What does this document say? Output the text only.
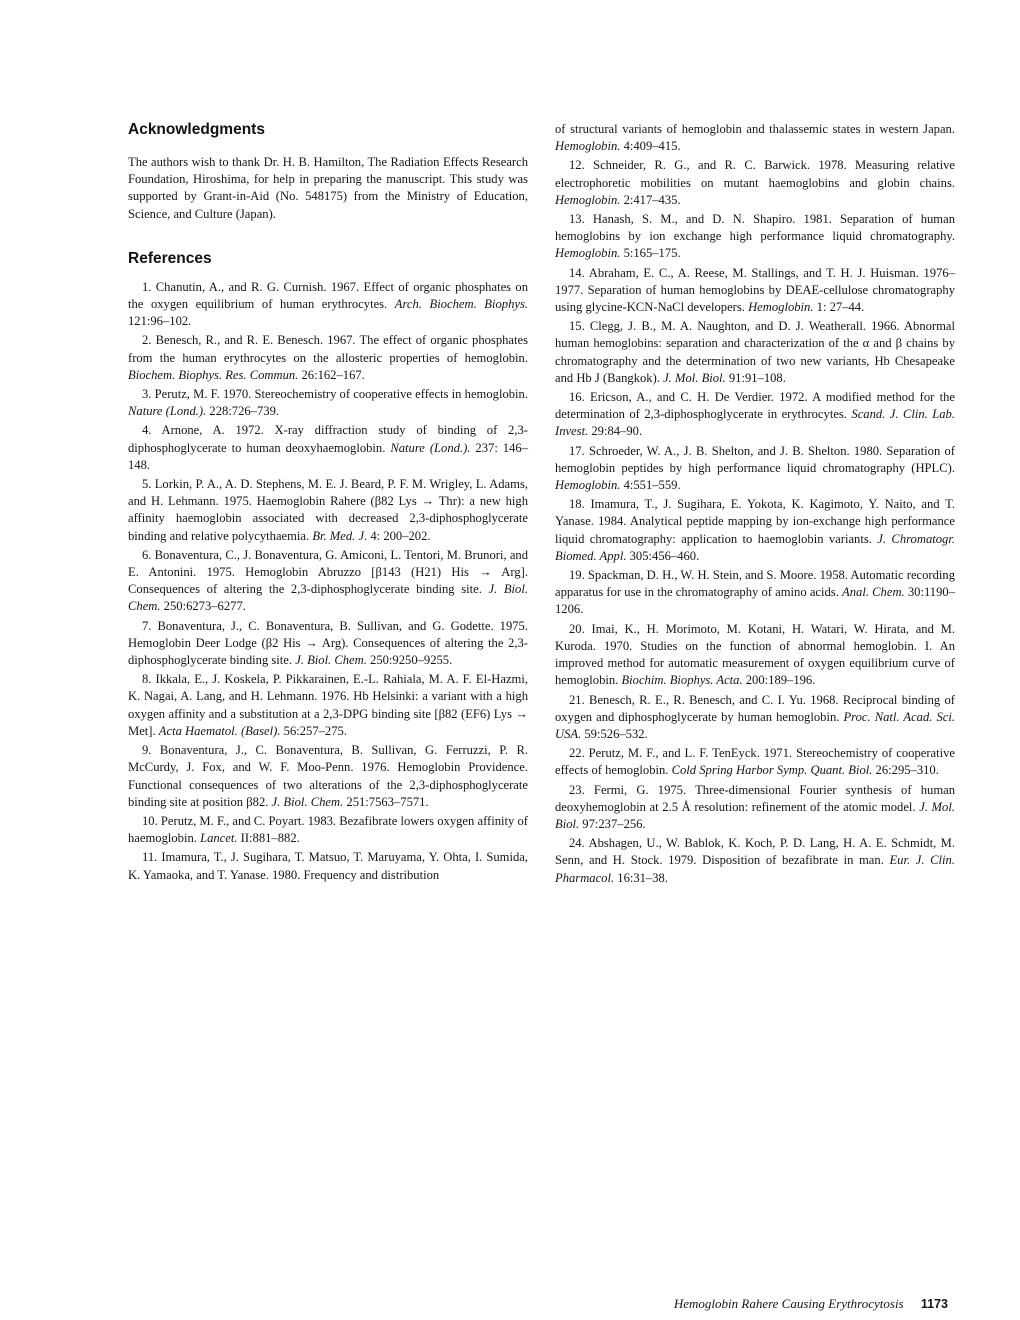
Acknowledgments

The authors wish to thank Dr. H. B. Hamilton, The Radiation Effects Research Foundation, Hiroshima, for help in preparing the manuscript. This study was supported by Grant-in-Aid (No. 548175) from the Ministry of Education, Science, and Culture (Japan).

References

1. Chanutin, A., and R. G. Curnish. 1967. Effect of organic phosphates on the oxygen equilibrium of human erythrocytes. Arch. Biochem. Biophys. 121:96–102.

2. Benesch, R., and R. E. Benesch. 1967. The effect of organic phosphates from the human erythrocytes on the allosteric properties of hemoglobin. Biochem. Biophys. Res. Commun. 26:162–167.

3. Perutz, M. F. 1970. Stereochemistry of cooperative effects in hemoglobin. Nature (Lond.). 228:726–739.

4. Arnone, A. 1972. X-ray diffraction study of binding of 2,3-diphosphoglycerate to human deoxyhaemoglobin. Nature (Lond.). 237: 146–148.

5. Lorkin, P. A., A. D. Stephens, M. E. J. Beard, P. F. M. Wrigley, L. Adams, and H. Lehmann. 1975. Haemoglobin Rahere (β82 Lys → Thr): a new high affinity haemoglobin associated with decreased 2,3-diphosphoglycerate binding and relative polycythaemia. Br. Med. J. 4: 200–202.

6. Bonaventura, C., J. Bonaventura, G. Amiconi, L. Tentori, M. Brunori, and E. Antonini. 1975. Hemoglobin Abruzzo [β143 (H21) His → Arg]. Consequences of altering the 2,3-diphosphoglycerate binding site. J. Biol. Chem. 250:6273–6277.

7. Bonaventura, J., C. Bonaventura, B. Sullivan, and G. Godette. 1975. Hemoglobin Deer Lodge (β2 His → Arg). Consequences of altering the 2,3-diphosphoglycerate binding site. J. Biol. Chem. 250:9250–9255.

8. Ikkala, E., J. Koskela, P. Pikkarainen, E.-L. Rahiala, M. A. F. El-Hazmi, K. Nagai, A. Lang, and H. Lehmann. 1976. Hb Helsinki: a variant with a high oxygen affinity and a substitution at a 2,3-DPG binding site [β82 (EF6) Lys → Met]. Acta Haematol. (Basel). 56:257–275.

9. Bonaventura, J., C. Bonaventura, B. Sullivan, G. Ferruzzi, P. R. McCurdy, J. Fox, and W. F. Moo-Penn. 1976. Hemoglobin Providence. Functional consequences of two alterations of the 2,3-diphosphoglycerate binding site at position β82. J. Biol. Chem. 251:7563–7571.

10. Perutz, M. F., and C. Poyart. 1983. Bezafibrate lowers oxygen affinity of haemoglobin. Lancet. II:881–882.

11. Imamura, T., J. Sugihara, T. Matsuo, T. Maruyama, Y. Ohta, I. Sumida, K. Yamaoka, and T. Yanase. 1980. Frequency and distribution

of structural variants of hemoglobin and thalassemic states in western Japan. Hemoglobin. 4:409–415.

12. Schneider, R. G., and R. C. Barwick. 1978. Measuring relative electrophoretic mobilities on mutant haemoglobins and globin chains. Hemoglobin. 2:417–435.

13. Hanash, S. M., and D. N. Shapiro. 1981. Separation of human hemoglobins by ion exchange high performance liquid chromatography. Hemoglobin. 5:165–175.

14. Abraham, E. C., A. Reese, M. Stallings, and T. H. J. Huisman. 1976–1977. Separation of human hemoglobins by DEAE-cellulose chromatography using glycine-KCN-NaCl developers. Hemoglobin. 1: 27–44.

15. Clegg, J. B., M. A. Naughton, and D. J. Weatherall. 1966. Abnormal human hemoglobins: separation and characterization of the α and β chains by chromatography and the determination of two new variants, Hb Chesapeake and Hb J (Bangkok). J. Mol. Biol. 91:91–108.

16. Ericson, A., and C. H. De Verdier. 1972. A modified method for the determination of 2,3-diphosphoglycerate in erythrocytes. Scand. J. Clin. Lab. Invest. 29:84–90.

17. Schroeder, W. A., J. B. Shelton, and J. B. Shelton. 1980. Separation of hemoglobin peptides by high performance liquid chromatography (HPLC). Hemoglobin. 4:551–559.

18. Imamura, T., J. Sugihara, E. Yokota, K. Kagimoto, Y. Naito, and T. Yanase. 1984. Analytical peptide mapping by ion-exchange high performance liquid chromatography: application to haemoglobin variants. J. Chromatogr. Biomed. Appl. 305:456–460.

19. Spackman, D. H., W. H. Stein, and S. Moore. 1958. Automatic recording apparatus for use in the chromatography of amino acids. Anal. Chem. 30:1190–1206.

20. Imai, K., H. Morimoto, M. Kotani, H. Watari, W. Hirata, and M. Kuroda. 1970. Studies on the function of abnormal hemoglobin. I. An improved method for automatic measurement of oxygen equilibrium curve of hemoglobin. Biochim. Biophys. Acta. 200:189–196.

21. Benesch, R. E., R. Benesch, and C. I. Yu. 1968. Reciprocal binding of oxygen and diphosphoglycerate by human hemoglobin. Proc. Natl. Acad. Sci. USA. 59:526–532.

22. Perutz, M. F., and L. F. TenEyck. 1971. Stereochemistry of cooperative effects of hemoglobin. Cold Spring Harbor Symp. Quant. Biol. 26:295–310.

23. Fermi, G. 1975. Three-dimensional Fourier synthesis of human deoxyhemoglobin at 2.5 Å resolution: refinement of the atomic model. J. Mol. Biol. 97:237–256.

24. Abshagen, U., W. Bablok, K. Koch, P. D. Lang, H. A. E. Schmidt, M. Senn, and H. Stock. 1979. Disposition of bezafibrate in man. Eur. J. Clin. Pharmacol. 16:31–38.

Hemoglobin Rahere Causing Erythrocytosis 1173
